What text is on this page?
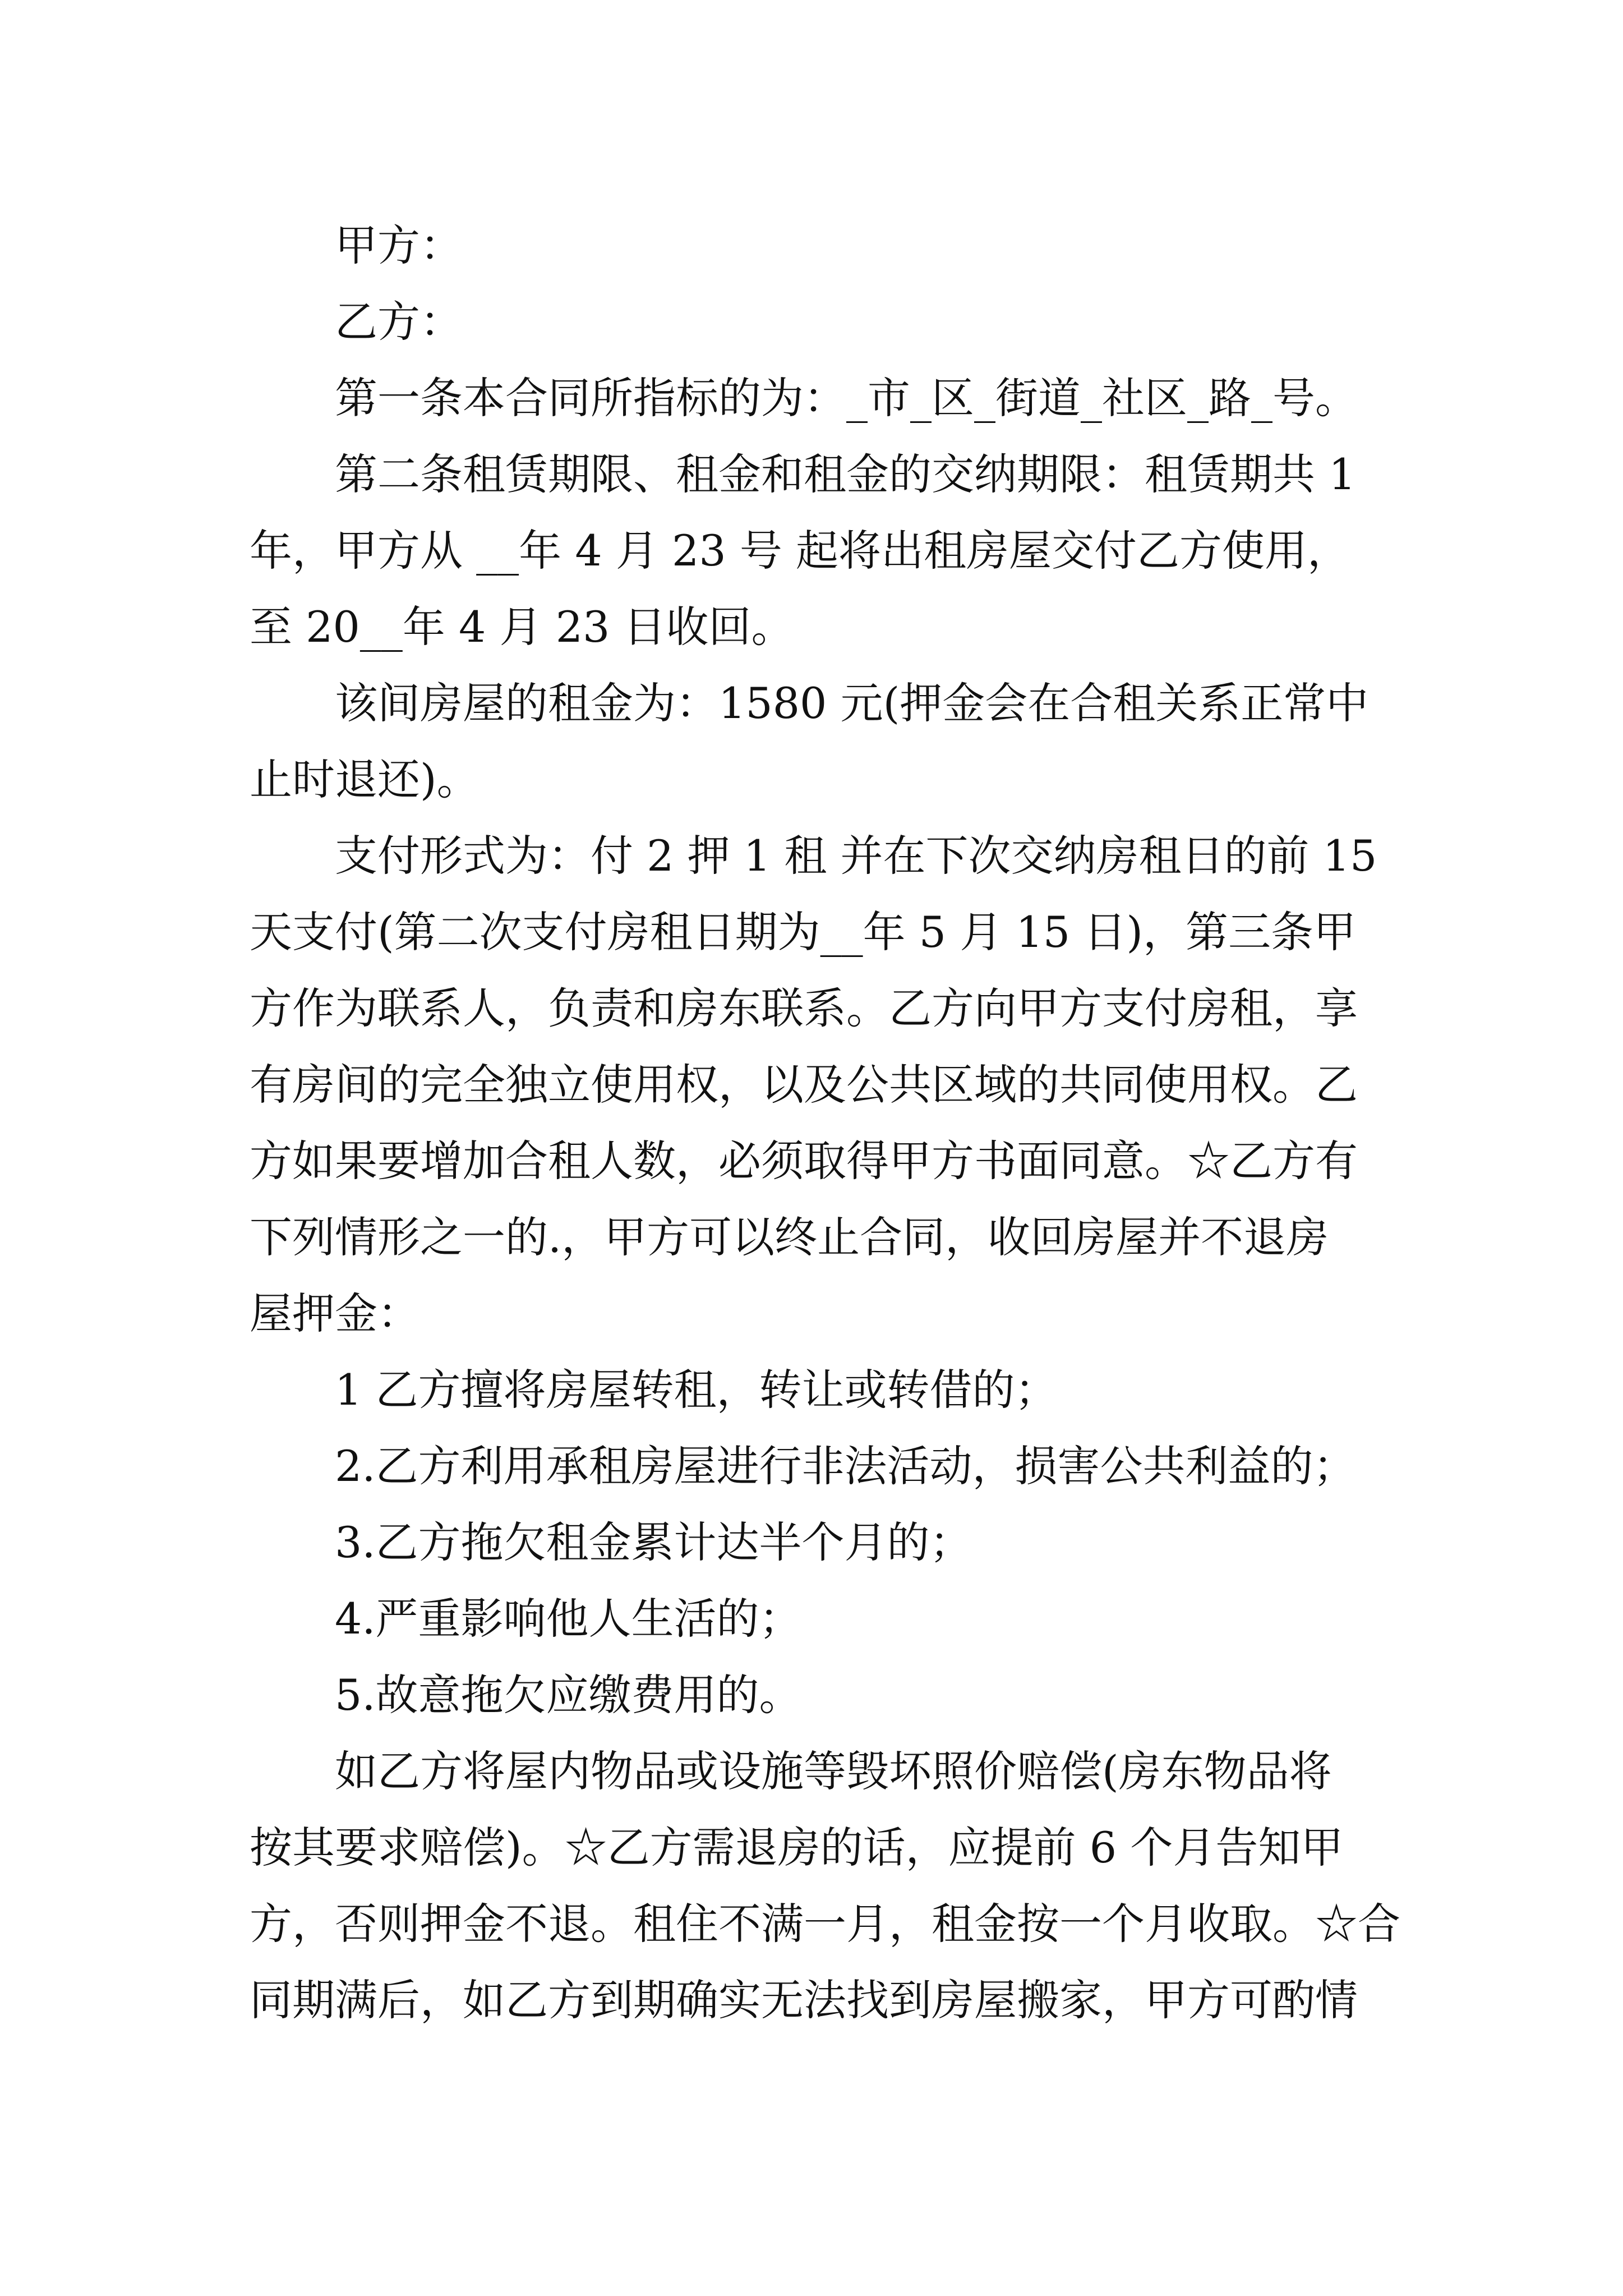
甲方：
乙方：
第一条本合同所指标的为：_市_区_街道_社区_路_号。
第二条租赁期限、租金和租金的交纳期限：租赁期共 1
年，甲方从 __年 4 月 23 号 起将出租房屋交付乙方使用，
至 20__年 4 月 23 日收回。
该间房屋的租金为：1580 元(押金会在合租关系正常中
止时退还)。
支付形式为：付 2 押 1 租 并在下次交纳房租日的前 15
天支付(第二次支付房租日期为__年 5 月 15 日)，第三条甲
方作为联系人，负责和房东联系。乙方向甲方支付房租，享
有房间的完全独立使用权，以及公共区域的共同使用权。乙
方如果要增加合租人数，必须取得甲方书面同意。☆乙方有
下列情形之一的.，甲方可以终止合同，收回房屋并不退房
屋押金：
1 乙方擅将房屋转租，转让或转借的；
2.乙方利用承租房屋进行非法活动，损害公共利益的；
3.乙方拖欠租金累计达半个月的；
4.严重影响他人生活的；
5.故意拖欠应缴费用的。
如乙方将屋内物品或设施等毁坏照价赔偿(房东物品将
按其要求赔偿)。☆乙方需退房的话，应提前 6 个月告知甲
方，否则押金不退。租住不满一月，租金按一个月收取。☆合
同期满后，如乙方到期确实无法找到房屋搬家，甲方可酌情
